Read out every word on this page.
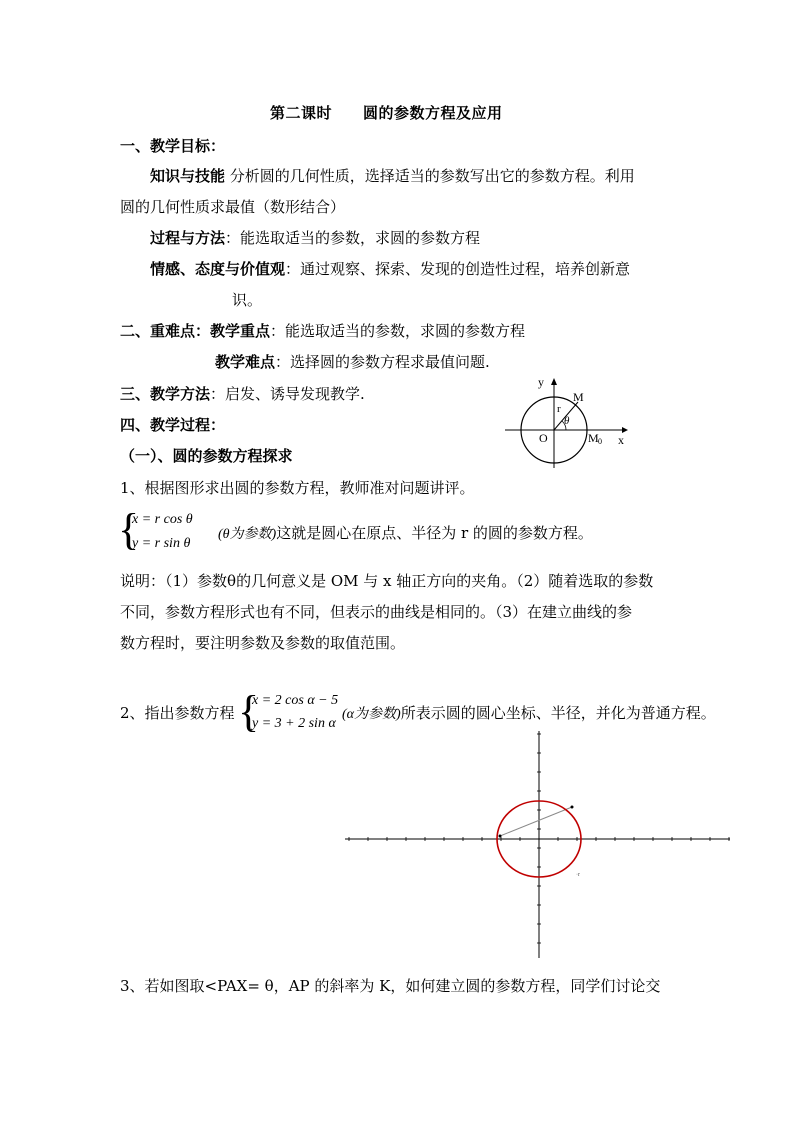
第二课时　　圆的参数方程及应用
一、教学目标：
知识与技能 分析圆的几何性质，选择适当的参数写出它的参数方程。利用
圆的几何性质求最值（数形结合）
过程与方法：能选取适当的参数，求圆的参数方程
情感、态度与价值观：通过观察、探索、发现的创造性过程，培养创新意
识。
二、重难点：教学重点：能选取适当的参数，求圆的参数方程
教学难点：选择圆的参数方程求最值问题.
三、教学方法：启发、诱导发现教学.
四、教学过程：
（一）、圆的参数方程探求
y
x
M
r
θ
O	M 0
1、根据图形求出圆的参数方程，教师准对问题讲评。
{
x = r cos θ
y = r sin θ
(θ为参数)这就是圆心在原点、半径为 r 的圆的参数方程。
说明：（1）参数θ的几何意义是 OM 与 x 轴正方向的夹角。（2）随着选取的参数
不同，参数方程形式也有不同，但表示的曲线是相同的。（3）在建立曲线的参
数方程时，要注明参数及参数的取值范围。
2、指出参数方程 {
x = 2 cos α − 5
y = 3 + 2 sin α
(α为参数)所表示圆的圆心坐标、半径，并化为普通方程。
·r
3、若如图取<PAX= θ，AP 的斜率为 K，如何建立圆的参数方程，同学们讨论交
